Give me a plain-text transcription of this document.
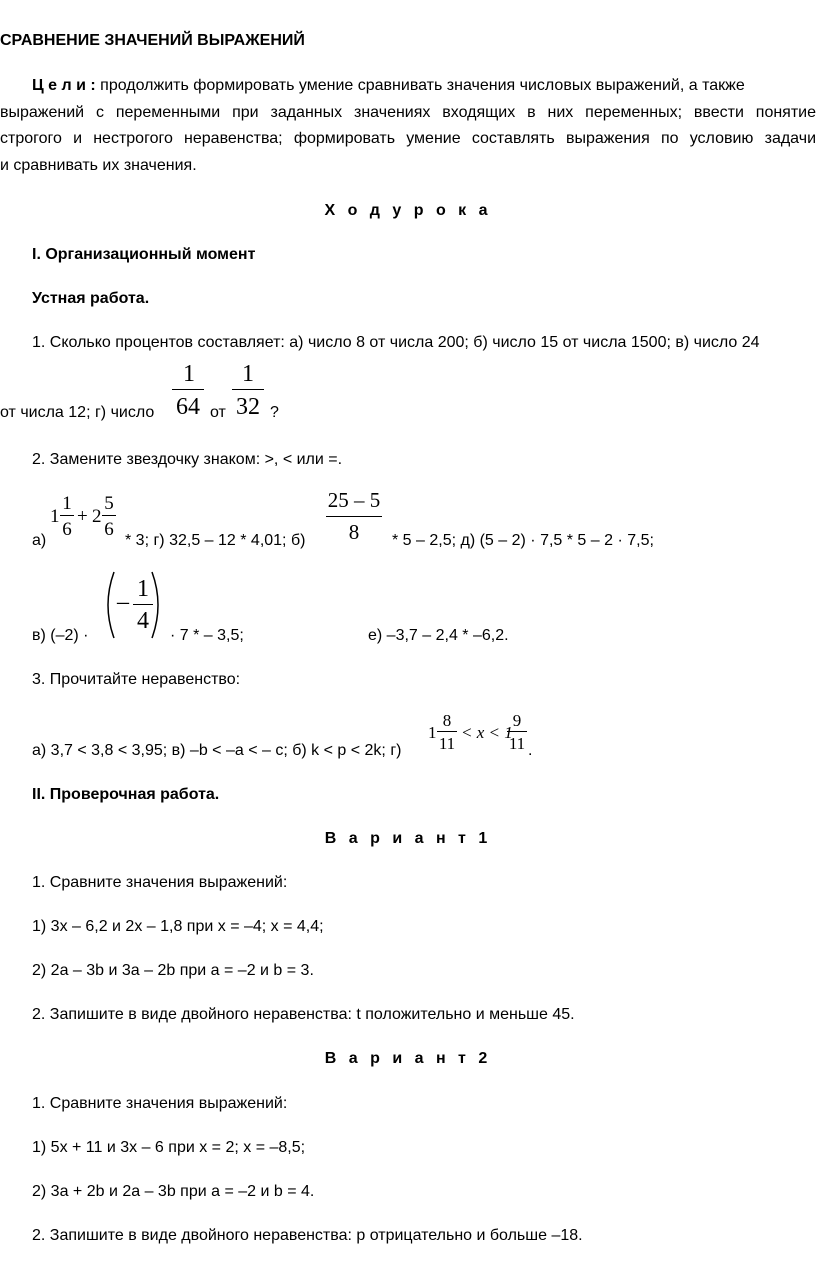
СРАВНЕНИЕ ЗНАЧЕНИЙ ВЫРАЖЕНИЙ
Ц е л и : продолжить формировать умение сравнивать значения числовых выражений, а также
выражений с переменными при заданных значениях входящих в них переменных; ввести понятие
строгого и нестрогого неравенства; формировать умение составлять выражения по условию задачи
и сравнивать их значения.
Х о д у р о к а
I. Организационный момент
Устная работа.
1. Сколько процентов составляет: а) число 8 от числа 200; б) число 15 от числа 1500; в) число 24
от числа 12; г) число
1
64 от
1
32 ?
2. Замените звездочку знаком: >, < или =.
а)
1
1
6
+ 2
5
6
* 3; г) 32,5 – 12 * 4,01; б)
25 – 5
8	* 5 – 2,5; д) (5 – 2) · 7,5 * 5 – 2 · 7,5;
в) (–2) ·
– 1
4
· 7 * – 3,5;	е) –3,7 – 2,4 * –6,2.
3. Прочитайте неравенство:
а) 3,7 < 3,8 < 3,95; в) –b < –a < – c; б) k < p < 2k; г)
1
8
11
< x < 1
9
11 .
II. Проверочная работа.
В а р и а н т 1
1. Сравните значения выражений:
1) 3x – 6,2 и 2x – 1,8 при x = –4; x = 4,4;
2) 2a – 3b и 3a – 2b при a = –2 и b = 3.
2. Запишите в виде двойного неравенства: t положительно и меньше 45.
В а р и а н т 2
1. Сравните значения выражений:
1) 5x + 11 и 3x – 6 при x = 2; x = –8,5;
2) 3a + 2b и 2a – 3b при a = –2 и b = 4.
2. Запишите в виде двойного неравенства: p отрицательно и больше –18.
